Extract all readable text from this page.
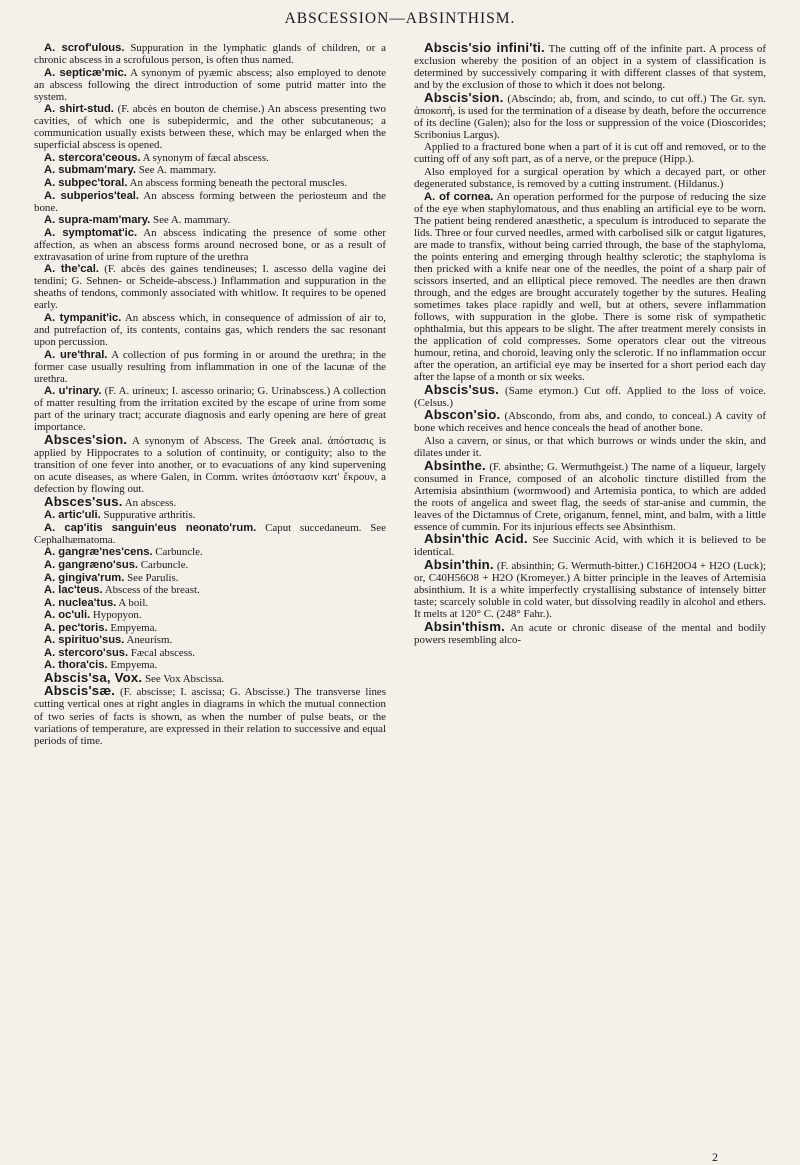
ABSCESSION—ABSINTHISM.

A. scrof'ulous. Suppuration in the lymphatic glands of children, or a chronic abscess in a scrofulous person, is often thus named.

A. septicæ'mic. A synonym of pyæmic abscess; also employed to denote an abscess following the direct introduction of some putrid matter into the system.

A. shirt-stud. (F. abcès en bouton de chemise.) An abscess presenting two cavities, of which one is subepidermic, and the other subcutaneous; a communication usually exists between these, which may be enlarged when the superficial abscess is opened.

A. stercora'ceous. A synonym of fæcal abscess.

A. submam'mary. See A. mammary.

A. subpec'toral. An abscess forming beneath the pectoral muscles.

A. subperios'teal. An abscess forming between the periosteum and the bone.

A. supra-mam'mary. See A. mammary.

A. symptomat'ic. An abscess indicating the presence of some other affection, as when an abscess forms around necrosed bone, or as a result of extravasation of urine from rupture of the urethra

A. the'cal. (F. abcès des gaines tendineuses; I. ascesso della vagine dei tendini; G. Sehnen- or Scheide-abscess.) Inflammation and suppuration in the sheaths of tendons, commonly associated with whitlow. It requires to be opened early.

A. tympanit'ic. An abscess which, in consequence of admission of air to, and putrefaction of, its contents, contains gas, which renders the sac resonant upon percussion.

A. ure'thral. A collection of pus forming in or around the urethra; in the former case usually resulting from inflammation in one of the lacunæ of the urethra.

A. u'rinary. (F. A. urineux; I. ascesso orinario; G. Urinabscess.) A collection of matter resulting from the irritation excited by the escape of urine from some part of the urinary tract; accurate diagnosis and early opening are here of great importance.

Absces'sion. A synonym of Abscess. The Greek anal. ἀπόστασις is applied by Hippocrates to a solution of continuity, or contiguity; also to the transition of one fever into another, or to evacuations of any kind supervening on acute diseases, as where Galen, in Comm. writes ἀπόστασιν κατ' ἔκρουν, a defection by flowing out.

Absces'sus. An abscess.

A. artic'uli. Suppurative arthritis.

A. cap'itis sanguin'eus neonato'rum. Caput succedaneum. See Cephalhæmatoma.

A. gangræ'nes'cens. Carbuncle.

A. gangræno'sus. Carbuncle.

A. gingiva'rum. See Parulis.

A. lac'teus. Abscess of the breast.

A. nuclea'tus. A boil.

A. oc'uli. Hypopyon.

A. pec'toris. Empyema.

A. spirituo'sus. Aneurism.

A. stercoro'sus. Fæcal abscess.

A. thora'cis. Empyema.

Abscis'sa, Vox. See Vox Abscissa.

Abscis'sæ. (F. abscisse; I. ascissa; G. Abscisse.) The transverse lines cutting vertical ones at right angles in diagrams in which the mutual connection of two series of facts is shown, as when the number of pulse beats, or the variations of temperature, are expressed in their relation to successive and equal periods of time.

Abscis'sio infini'ti. The cutting off of the infinite part. A process of exclusion whereby the position of an object in a system of classification is determined by successively comparing it with different classes of that system, and by the exclusion of those to which it does not belong.

Abscis'sion. (Abscindo; ab, from, and scindo, to cut off.) The Gr. syn. ἀποκοπή, is used for the termination of a disease by death, before the occurrence of its decline (Galen); also for the loss or suppression of the voice (Dioscorides; Scribonius Largus).

Applied to a fractured bone when a part of it is cut off and removed, or to the cutting off of any soft part, as of a nerve, or the prepuce (Hipp.).

Also employed for a surgical operation by which a decayed part, or other degenerated substance, is removed by a cutting instrument. (Hildanus.)

A. of cornea. An operation performed for the purpose of reducing the size of the eye when staphylomatous, and thus enabling an artificial eye to be worn. The patient being rendered anæsthetic, a speculum is introduced to separate the lids. Three or four curved needles, armed with carbolised silk or catgut ligatures, are made to transfix, without being carried through, the base of the staphyloma, the points entering and emerging through healthy sclerotic; the staphyloma is then pricked with a knife near one of the needles, the point of a sharp pair of scissors inserted, and an elliptical piece removed. The needles are then drawn through, and the edges are brought accurately together by the sutures. Healing sometimes takes place rapidly and well, but at others, severe inflammation follows, with suppuration in the globe. There is some risk of sympathetic ophthalmia, but this appears to be slight. The after treatment merely consists in the application of cold compresses. Some operators clear out the vitreous humour, retina, and choroid, leaving only the sclerotic. If no inflammation occur after the operation, an artificial eye may be inserted for a short period each day after the lapse of a month or six weeks.

Abscis'sus. (Same etymon.) Cut off. Applied to the loss of voice. (Celsus.)

Abscon'sio. (Abscondo, from abs, and condo, to conceal.) A cavity of bone which receives and hence conceals the head of another bone.

Also a cavern, or sinus, or that which burrows or winds under the skin, and dilates under it.

Absinthe. (F. absinthe; G. Wermuthgeist.) The name of a liqueur, largely consumed in France, composed of an alcoholic tincture distilled from the Artemisia absinthium (wormwood) and Artemisia pontica, to which are added the roots of angelica and sweet flag, the seeds of star-anise and cummin, the leaves of the Dictamnus of Crete, origanum, fennel, mint, and balm, with a little essence of cummin. For its injurious effects see Absinthism.

Absin'thic Acid. See Succinic Acid, with which it is believed to be identical.

Absin'thin. (F. absinthin; G. Wermuth-bitter.) C16H20O4 + H2O (Luck); or, C40H56O8 + H2O (Kromeyer.) A bitter principle in the leaves of Artemisia absinthium. It is a white imperfectly crystallising substance of intensely bitter taste; scarcely soluble in cold water, but dissolving readily in alcohol and ethers. It melts at 120° C. (248° Fahr.).

Absin'thism. An acute or chronic disease of the mental and bodily powers resembling alco-

2
